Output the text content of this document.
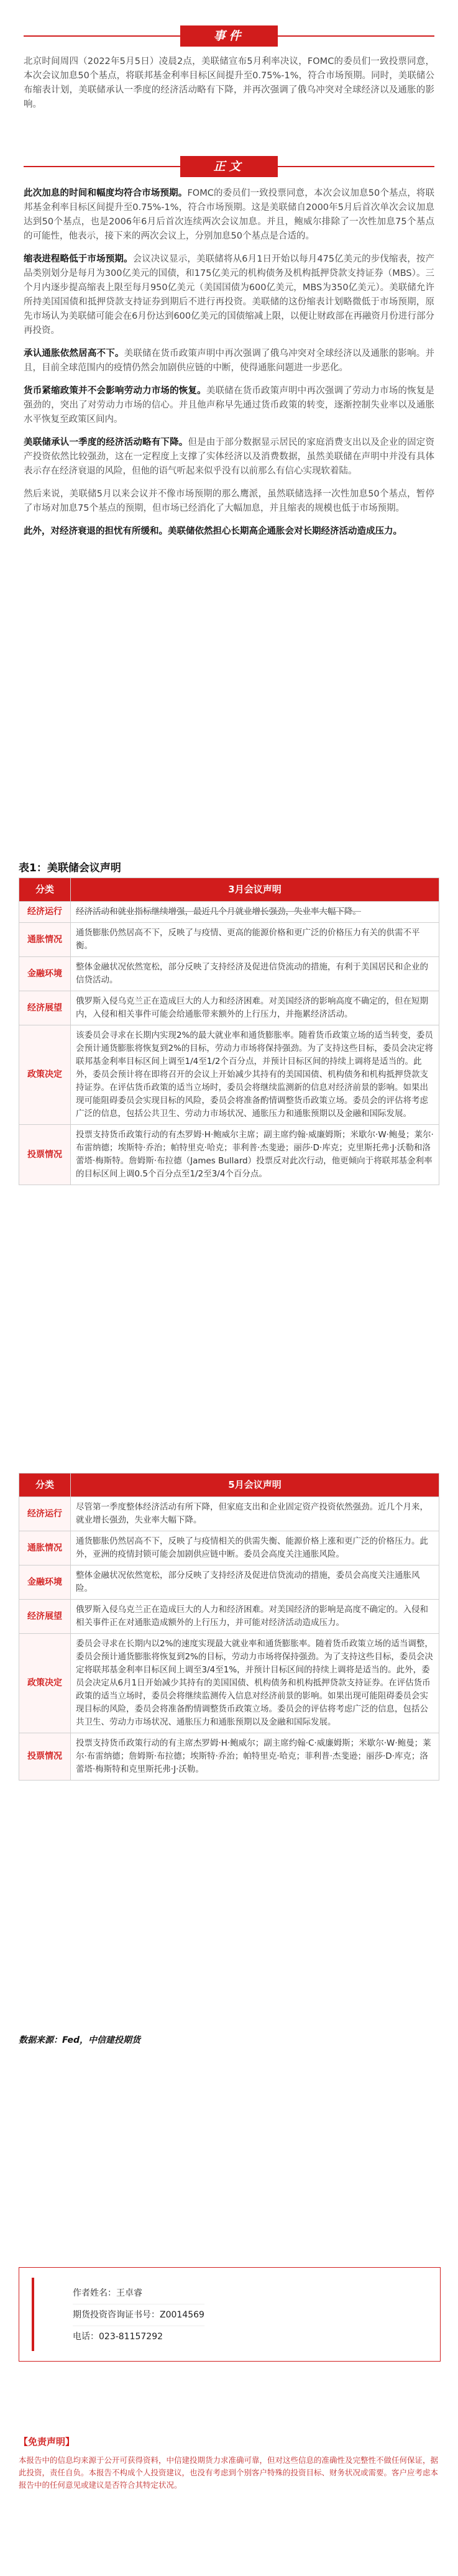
事件

北京时间周四（2022年5月5日）凌晨2点，美联储宣布5月利率决议，FOMC的委员们一致投票同意，本次会议加息50个基点，将联邦基金利率目标区间提升至0.75%-1%，符合市场预期。同时，美联储公布缩表计划，美联储承认一季度的经济活动略有下降，并再次强调了俄乌冲突对全球经济以及通胀的影响。

正文

此次加息的时间和幅度均符合市场预期。FOMC的委员们一致投票同意，本次会议加息50个基点，将联邦基金利率目标区间提升至0.75%-1%，符合市场预期。这是美联储自2000年5月后首次单次会议加息达到50个基点，也是2006年6月后首次连续两次会议加息。并且，鲍威尔排除了一次性加息75个基点的可能性，他表示，接下来的两次会议上，分别加息50个基点是合适的。

缩表进程略低于市场预期。会议决议显示，美联储将从6月1日开始以每月475亿美元的步伐缩表，按产品类别划分是每月为300亿美元的国债，和175亿美元的机构债务及机构抵押贷款支持证券（MBS）。三个月内逐步提高缩表上限至每月950亿美元（美国国债为600亿美元，MBS为350亿美元）。美联储允许所持美国国债和抵押贷款支持证券到期后不进行再投资。美联储的这份缩表计划略微低于市场预期，原先市场认为美联储可能会在6月份达到600亿美元的国债缩减上限，以便让财政部在再融资月份进行部分再投资。

承认通胀依然居高不下。美联储在货币政策声明中再次强调了俄乌冲突对全球经济以及通胀的影响。并且，目前全球范围内的疫情仍然会加剧供应链的中断，使得通胀问题进一步恶化。

货币紧缩政策并不会影响劳动力市场的恢复。美联储在货币政策声明中再次强调了劳动力市场的恢复是强劲的，突出了对劳动力市场的信心。并且他声称早先通过货币政策的转变，逐渐控制失业率以及通胀水平恢复至政策区间内。

美联储承认一季度的经济活动略有下降。但是由于部分数据显示居民的家庭消费支出以及企业的固定资产投资依然比较强劲，这在一定程度上支撑了实体经济以及消费数据，虽然美联储在声明中并没有具体表示存在经济衰退的风险，但他的语气听起来似乎没有以前那么有信心实现软着陆。

然后来说，美联储5月以来会议并不像市场预期的那么鹰派，虽然联储选择一次性加息50个基点，暂停了市场对加息75个基点的预期，但市场已经消化了大幅加息，并且缩表的规模也低于市场预期。

此外，对经济衰退的担忧有所缓和。美联储依然担心长期高企通胀会对长期经济活动造成压力。

表1：美联储会议声明
分类	3月会议声明
经济运行	经济活动和就业指标继续增强，最近几个月就业增长强劲，失业率大幅下降。
通胀情况	通货膨胀仍然居高不下，反映了与疫情、更高的能源价格和更广泛的价格压力有关的供需不平衡。
金融环境	整体金融状况依然宽松，部分反映了支持经济及促进信贷流动的措施，有利于美国居民和企业的信贷活动。
经济展望	俄罗斯入侵乌克兰正在造成巨大的人力和经济困难。对美国经济的影响高度不确定的，但在短期内，入侵和相关事件可能会给通胀带来额外的上行压力，并拖累经济活动。
政策决定	该委员会寻求在长期内实现2%的最大就业率和通货膨胀率。随着货币政策立场的适当转变，委员会预计通货膨胀将恢复到2%的目标，劳动力市场将保持强劲。为了支持这些目标，委员会决定将联邦基金利率目标区间上调至1/4至1/2个百分点，并预计目标区间的持续上调将是适当的。此外，委员会预计将在即将召开的会议上开始减少其持有的美国国债、机构债务和机构抵押贷款支持证券。在评估货币政策的适当立场时，委员会将继续监测新的信息对经济前景的影响。如果出现可能阻碍委员会实现目标的风险，委员会将准备酌情调整货币政策立场。委员会的评估将考虑广泛的信息，包括公共卫生、劳动力市场状况、通胀压力和通胀预期以及金融和国际发展。
投票情况	投票支持货币政策行动的有杰罗姆·H·鲍威尔主席；副主席约翰·威廉姆斯；米歇尔·W·鲍曼；莱尔·布雷纳德；埃斯特·乔治；帕特里克·哈克；菲利普·杰斐逊；丽莎·D·库克；克里斯托弗·J·沃勒和洛蕾塔·梅斯特。詹姆斯·布拉德（James Bullard）投票反对此次行动，他更倾向于将联邦基金利率的目标区间上调0.5个百分点至1/2至3/4个百分点。
分类	5月会议声明
经济运行	尽管第一季度整体经济活动有所下降，但家庭支出和企业固定资产投资依然强劲。近几个月来，就业增长强劲，失业率大幅下降。
通胀情况	通货膨胀仍然居高不下，反映了与疫情相关的供需失衡、能源价格上涨和更广泛的价格压力。此外，亚洲的疫情封锁可能会加剧供应链中断。委员会高度关注通胀风险。
金融环境	整体金融状况依然宽松，部分反映了支持经济及促进信贷流动的措施，委员会高度关注通胀风险。
经济展望	俄罗斯入侵乌克兰正在造成巨大的人力和经济困难。对美国经济的影响是高度不确定的。入侵和相关事件正在对通胀造成额外的上行压力，并可能对经济活动造成压力。
政策决定	委员会寻求在长期内以2%的速度实现最大就业率和通货膨胀率。随着货币政策立场的适当调整，委员会预计通货膨胀将恢复到2%的目标，劳动力市场将保持强劲。为了支持这些目标，委员会决定将联邦基金利率目标区间上调至3/4至1%，并预计目标区间的持续上调将是适当的。此外，委员会决定从6月1日开始减少其持有的美国国债、机构债务和机构抵押贷款支持证券。在评估货币政策的适当立场时，委员会将继续监测传入信息对经济前景的影响。如果出现可能阻碍委员会实现目标的风险，委员会将准备酌情调整货币政策立场。委员会的评估将考虑广泛的信息，包括公共卫生、劳动力市场状况、通胀压力和通胀预期以及金融和国际发展。
投票情况	投票支持货币政策行动的有主席杰罗姆·H·鲍威尔；副主席约翰·C·威廉姆斯；米歇尔·W·鲍曼；莱尔·布雷纳德；詹姆斯·布拉德；埃斯特·乔治；帕特里克·哈克；菲利普·杰斐逊；丽莎·D·库克；洛蕾塔·梅斯特和克里斯托弗·J·沃勒。
数据来源：Fed，中信建投期货
作者姓名：王卓睿
期货投资咨询证书号：Z0014569
电话：023-81157292
【免责声明】
本报告中的信息均来源于公开可获得资料，中信建投期货力求准确可靠，但对这些信息的准确性及完整性不做任何保证，据此投资，责任自负。本报告不构成个人投资建议，也没有考虑到个别客户特殊的投资目标、财务状况或需要。客户应考虑本报告中的任何意见或建议是否符合其特定状况。
